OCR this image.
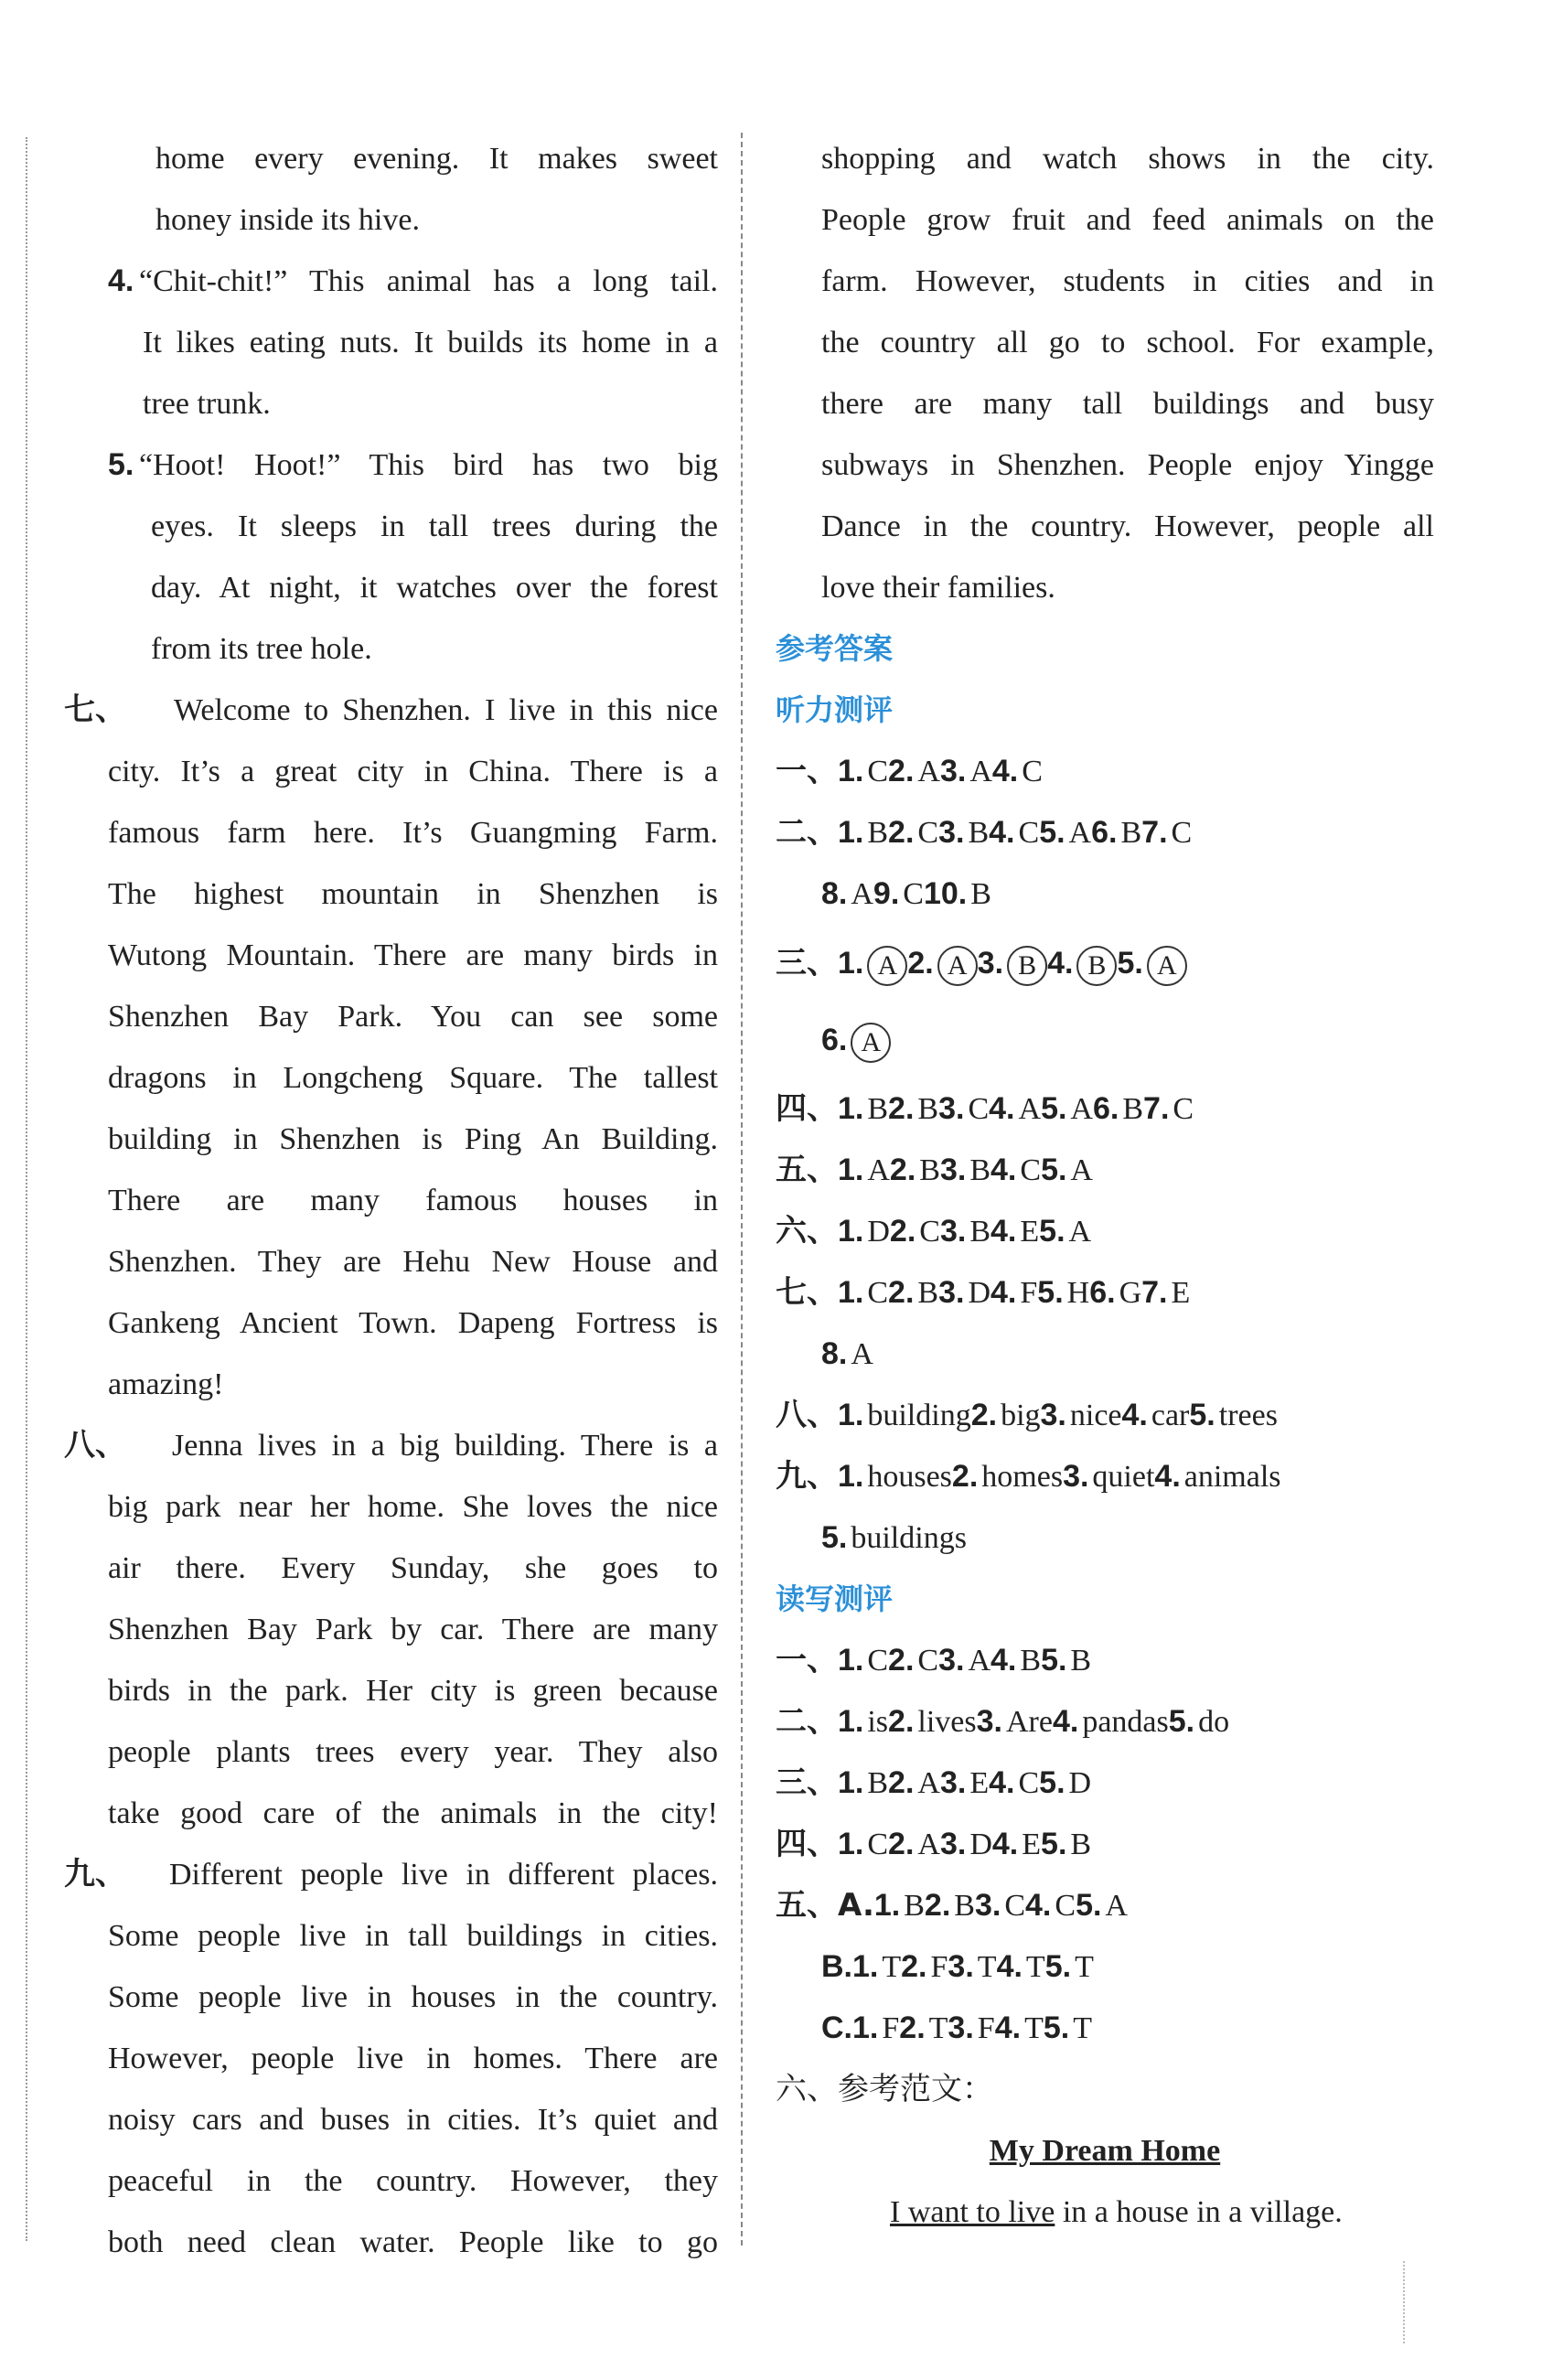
home every evening. It makes sweet
honey inside its hive.
4. “Chit-chit!” This animal has a long tail.
It likes eating nuts. It builds its home in a
tree trunk.
5. “Hoot! Hoot!” This bird has two big
eyes. It sleeps in tall trees during the
day. At night, it watches over the forest
from its tree hole.
七、 Welcome to Shenzhen. I live in this nice
city. It’s a great city in China. There is a
famous farm here. It’s Guangming Farm.
The highest mountain in Shenzhen is
Wutong Mountain. There are many birds in
Shenzhen Bay Park. You can see some
dragons in Longcheng Square. The tallest
building in Shenzhen is Ping An Building.
There are many famous houses in
Shenzhen. They are Hehu New House and
Gankeng Ancient Town. Dapeng Fortress is
amazing!
八、 Jenna lives in a big building. There is a
big park near her home. She loves the nice
air there. Every Sunday, she goes to
Shenzhen Bay Park by car. There are many
birds in the park. Her city is green because
people plants trees every year. They also
take good care of the animals in the city!
九、 Different people live in different places.
Some people live in tall buildings in cities.
Some people live in houses in the country.
However, people live in homes. There are
noisy cars and buses in cities. It’s quiet and
peaceful in the country. However, they
both need clean water. People like to go
shopping and watch shows in the city.
People grow fruit and feed animals on the
farm. However, students in cities and in
the country all go to school. For example,
there are many tall buildings and busy
subways in Shenzhen. People enjoy Yingge
Dance in the country. However, people all
love their families.
参考答案
听力测评
一、1. C2. A3. A4. C
二、1. B2. C3. B4. C5. A6. B7. C
8. A9. C10. B
三、1. A 2. A 3. B 4. B 5. A
6. A
四、1. B2. B3. C4. A5. A6. B7. C
五、1. A2. B3. B4. C5. A
六、1. D2. C3. B4. E5. A
七、1. C2. B3. D4. F5. H6. G7. E
8. A
八、1. building2. big3. nice4. car5. trees
九、1. houses2. homes3. quiet4. animals
5. buildings
读写测评
一、1. C2. C3. A4. B5. B
二、1. is2. lives3. Are4. pandas5. do
三、1. B2. A3. E4. C5. D
四、1. C2. A3. D4. E5. B
五、A.1. B2. B3. C4. C5. A
B.1. T2. F3. T4. T5. T
C.1. F2. T3. F4. T5. T
六、参考范文：
My Dream Home
I want to live in a house in a village.
